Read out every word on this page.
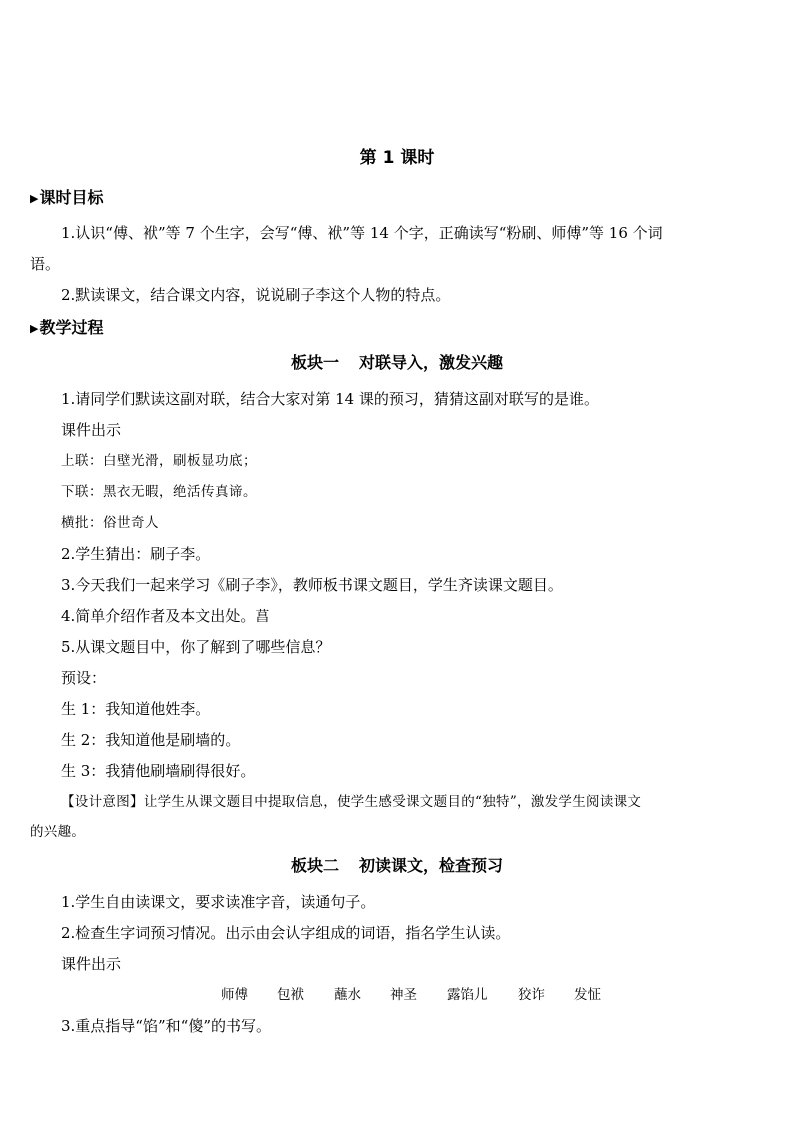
第 1 课时
▶课时目标
1.认识“傅、袱”等 7 个生字，会写“傅、袱”等 14 个字，正确读写“粉刷、师傅”等 16 个词
语。
2.默读课文，结合课文内容，说说刷子李这个人物的特点。
▶教学过程
板块一 对联导入，激发兴趣
1.请同学们默读这副对联，结合大家对第 14 课的预习，猜猜这副对联写的是谁。
课件出示
上联：白壁光滑，刷板显功底；
下联：黑衣无暇，绝活传真谛。
横批：俗世奇人
2.学生猜出：刷子李。
3.今天我们一起来学习《刷子李》，教师板书课文题目，学生齐读课文题目。
4.简单介绍作者及本文出处。菖
5.从课文题目中，你了解到了哪些信息？
预设：
生 1：我知道他姓李。
生 2：我知道他是刷墙的。
生 3：我猜他刷墙刷得很好。
【设计意图】让学生从课文题目中提取信息，使学生感受课文题目的“独特”，激发学生阅读课文
的兴趣。
板块二 初读课文，检查预习
1.学生自由读课文，要求读准字音，读通句子。
2.检查生字词预习情况。出示由会认字组成的词语，指名学生认读。
课件出示
师傅 包袱 蘸水 神圣 露馅儿 狡诈 发怔
3.重点指导“馅”和“傻”的书写。
